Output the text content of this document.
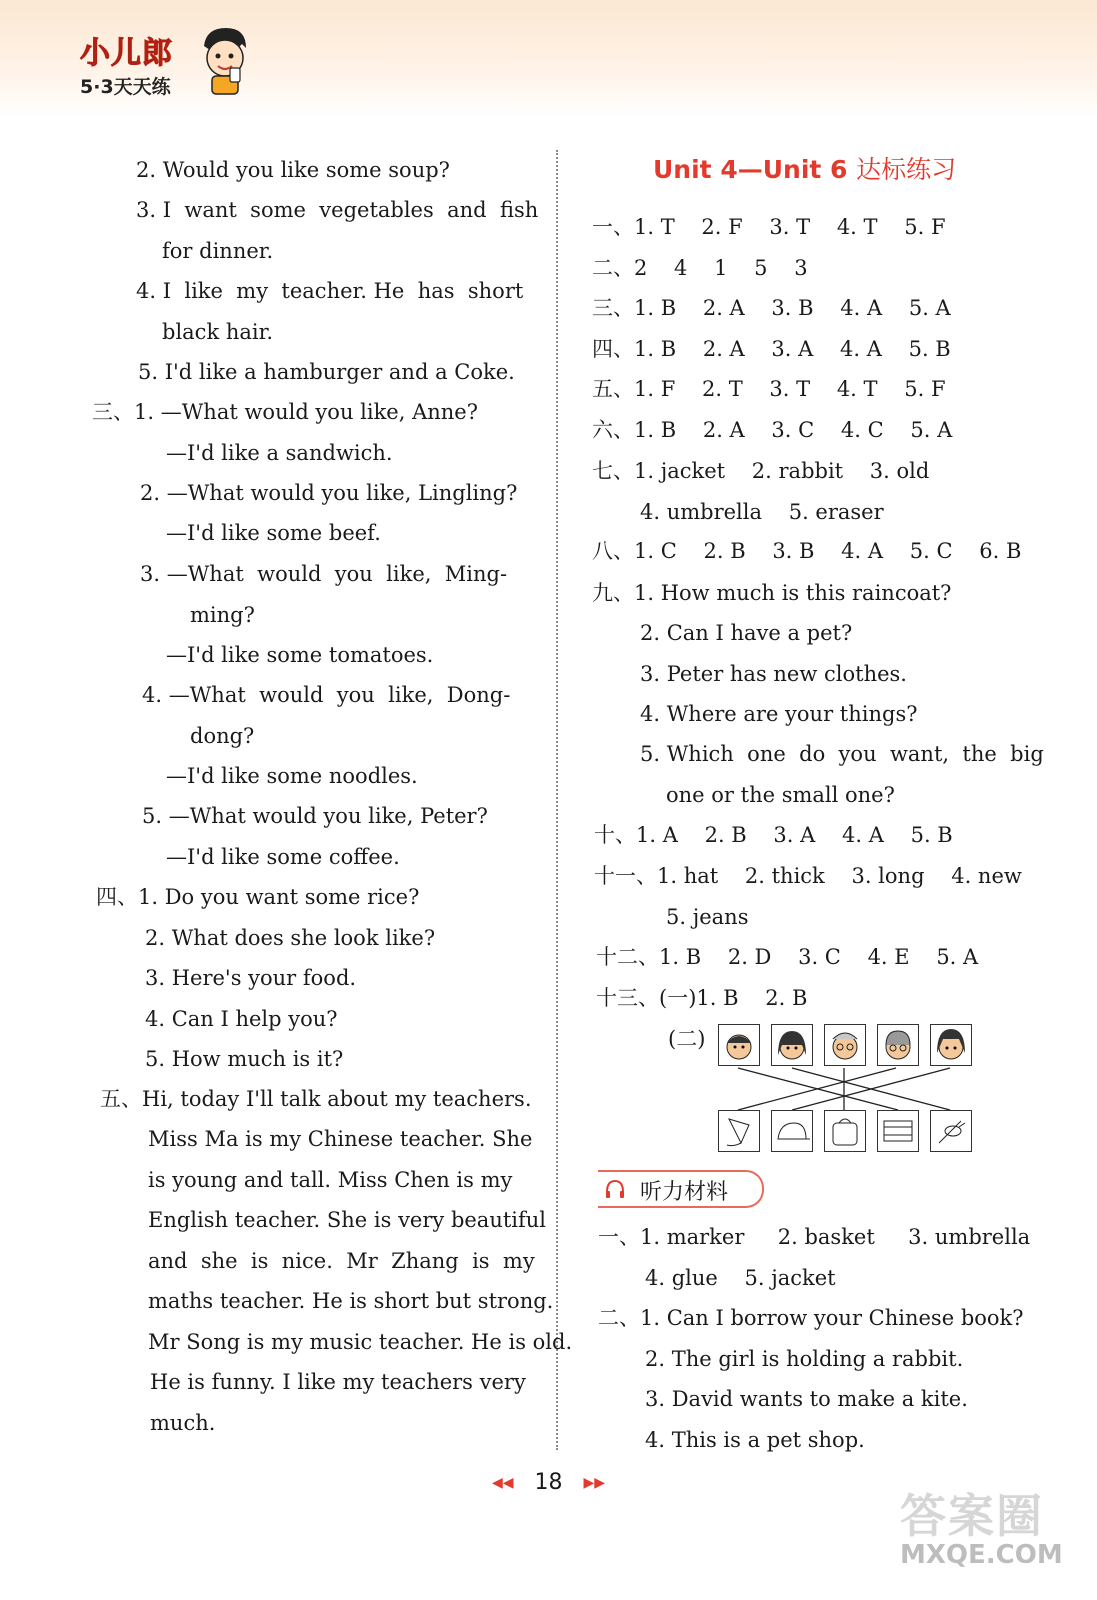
小儿郎
5·3天天练
2. Would you like some soup?
3. I  want  some  vegetables  and  fish
for dinner.
4. I  like  my  teacher. He  has  short
black hair.
5. I'd like a hamburger and a Coke.
三、1. —What would you like, Anne?
—I'd like a sandwich.
2. —What would you like, Lingling?
—I'd like some beef.
3. —What  would  you  like,  Ming-
ming?
—I'd like some tomatoes.
4. —What  would  you  like,  Dong-
dong?
—I'd like some noodles.
5. —What would you like, Peter?
—I'd like some coffee.
四、1. Do you want some rice?
2. What does she look like?
3. Here's your food.
4. Can I help you?
5. How much is it?
五、Hi, today I'll talk about my teachers.
Miss Ma is my Chinese teacher. She
is young and tall. Miss Chen is my
English teacher. She is very beautiful
and  she  is  nice.  Mr  Zhang  is  my
maths teacher. He is short but strong.
Mr Song is my music teacher. He is old.
He is funny. I like my teachers very
much.
Unit 4—Unit 6 达标练习
一、1. T    2. F    3. T    4. T    5. F
二、2    4    1    5    3
三、1. B    2. A    3. B    4. A    5. A
四、1. B    2. A    3. A    4. A    5. B
五、1. F    2. T    3. T    4. T    5. F
六、1. B    2. A    3. C    4. C    5. A
七、1. jacket    2. rabbit    3. old
4. umbrella    5. eraser
八、1. C    2. B    3. B    4. A    5. C    6. B
九、1. How much is this raincoat?
2. Can I have a pet?
3. Peter has new clothes.
4. Where are your things?
5. Which  one  do  you  want,  the  big
one or the small one?
十、1. A    2. B    3. A    4. A    5. B
十一、1. hat    2. thick    3. long    4. new
5. jeans
十二、1. B    2. D    3. C    4. E    5. A
十三、(一)1. B    2. B
(二)
听力材料
一、1. marker     2. basket     3. umbrella
4. glue    5. jacket
二、1. Can I borrow your Chinese book?
2. The girl is holding a rabbit.
3. David wants to make a kite.
4. This is a pet shop.
◀◀ 18 ▶▶
答案圈
MXQE.COM
